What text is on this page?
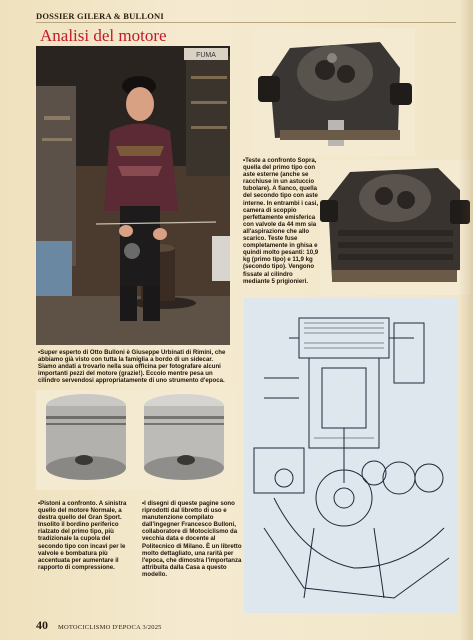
DOSSIER GILERA & BULLONI
Analisi del motore
FUMA
•Teste a confronto Sopra, quella del primo tipo con aste esterne (anche se racchiuse in un astuccio tubolare). A fianco, quella del secondo tipo con aste interne. In entrambi i casi, camera di scoppio perfettamente emisferica con valvole da 44 mm sia all'aspirazione che allo scarico. Teste fuse completamente in ghisa e quindi molto pesanti: 10,9 kg (primo tipo) e 11,9 kg (secondo tipo). Vengono fissate al cilindro mediante 5 prigionieri.
•Super esperto di Otto Bulloni è Giuseppe Urbinati di Rimini, che abbiamo già visto con tutta la famiglia a bordo di un sidecar. Siamo andati a trovarlo nella sua officina per fotografare alcuni importanti pezzi del motore (grazie!). Eccolo mentre pesa un cilindro servendosi appropriatamente di uno strumento d'epoca.
•Pistoni a confronto. A sinistra quello del motore Normale, a destra quello del Gran Sport. Insolito il bordino periferico rialzato del primo tipo, più tradizionale la cupola del secondo tipo con incavi per le valvole e bombatura più accentuata per aumentare il rapporto di compressione.
•I disegni di queste pagine sono riprodotti dal libretto di uso e manutenzione compilato dall'ingegner Francesco Bulloni, collaboratore di Motociclismo da vecchia data e docente al Politecnico di Milano. È un libretto molto dettagliato, una rarità per l'epoca, che dimostra l'importanza attribuita dalla Casa a questo modello.
40 MOTOCICLISMO D'EPOCA 3/2025
